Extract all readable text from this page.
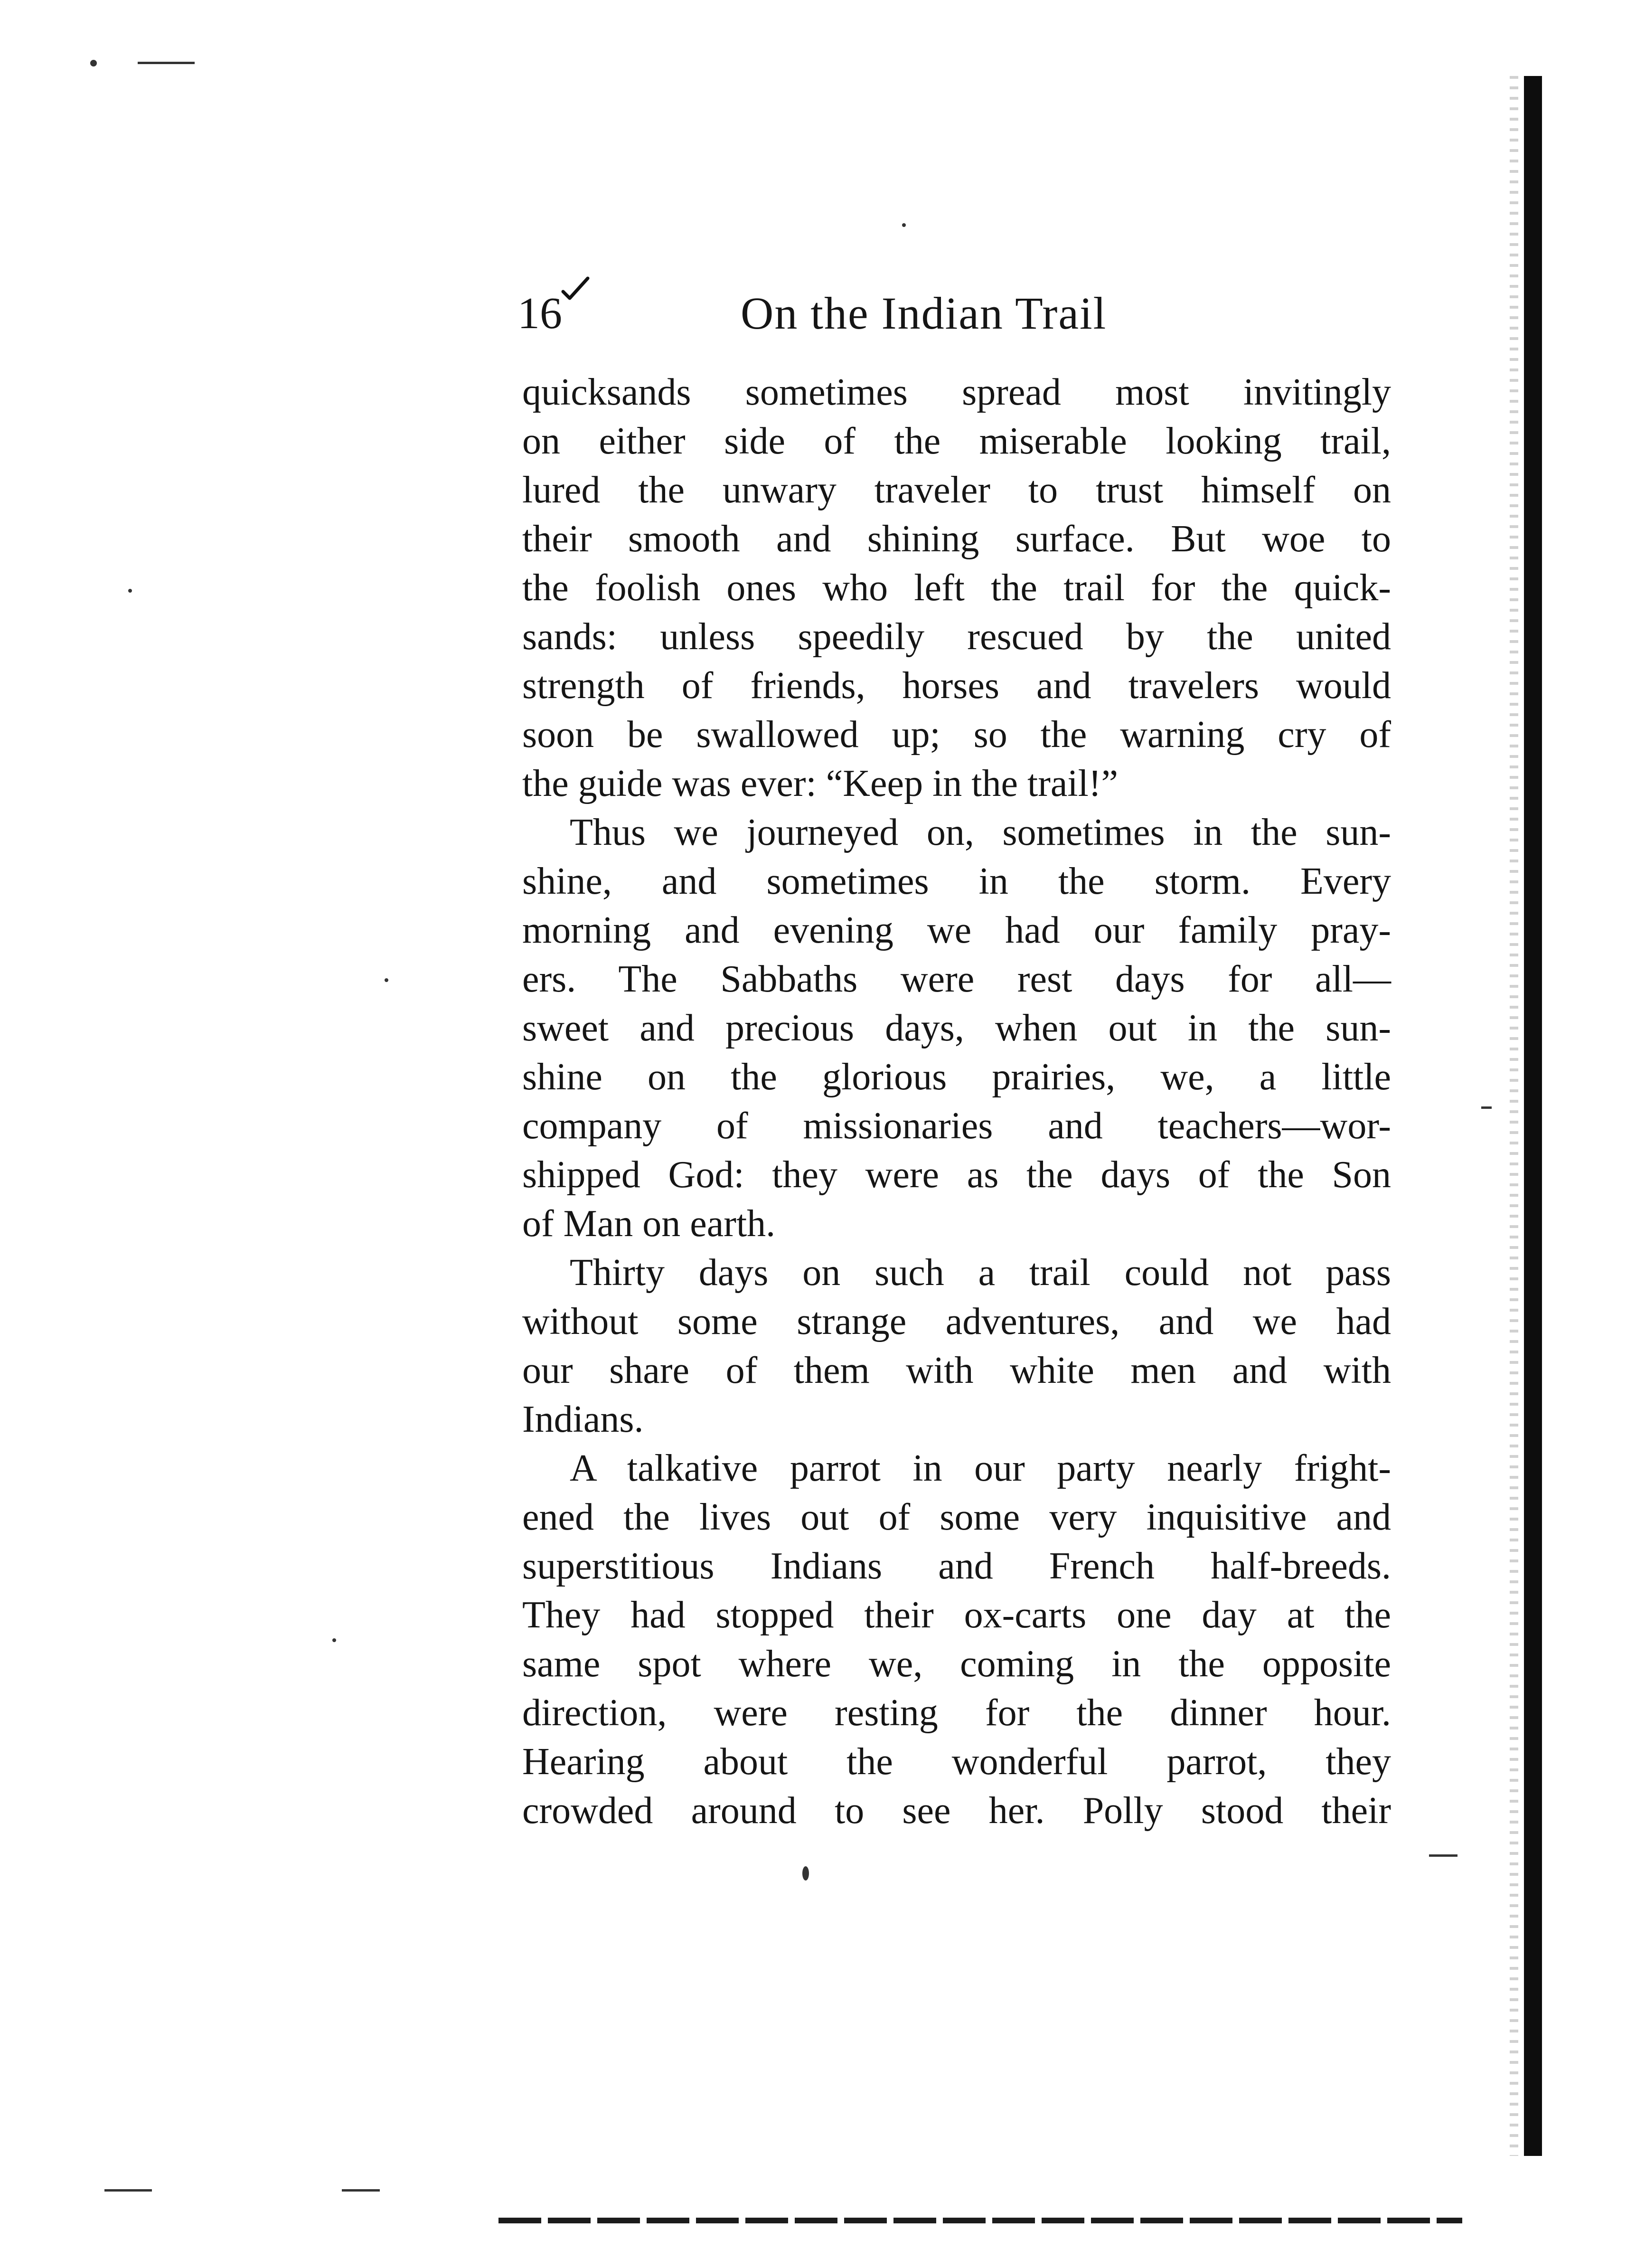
16	On the Indian Trail
quicksands sometimes spread most invitingly
on either side of the miserable looking trail,
lured the unwary traveler to trust himself on
their smooth and shining surface. But woe to
the foolish ones who left the trail for the quick-
sands: unless speedily rescued by the united
strength of friends, horses and travelers would
soon be swallowed up; so the warning cry of
the guide was ever: “Keep in the trail!”
Thus we journeyed on, sometimes in the sun-
shine, and sometimes in the storm. Every
morning and evening we had our family pray-
ers. The Sabbaths were rest days for all—
sweet and precious days, when out in the sun-
shine on the glorious prairies, we, a little
company of missionaries and teachers—wor-
shipped God: they were as the days of the Son
of Man on earth.
Thirty days on such a trail could not pass
without some strange adventures, and we had
our share of them with white men and with
Indians.
A talkative parrot in our party nearly fright-
ened the lives out of some very inquisitive and
superstitious Indians and French half-breeds.
They had stopped their ox-carts one day at the
same spot where we, coming in the opposite
direction, were resting for the dinner hour.
Hearing about the wonderful parrot, they
crowded around to see her. Polly stood their
